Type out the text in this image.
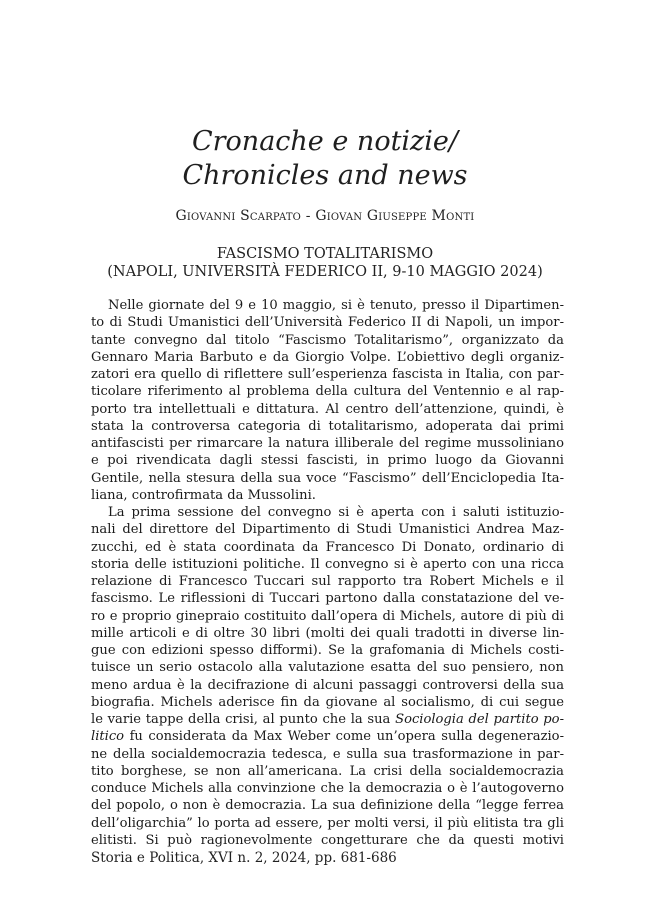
Cronache e notizie/
Chronicles and news
Giovanni Scarpato - Giovan Giuseppe Monti
FASCISMO TOTALITARISMO
(NAPOLI, UNIVERSITÀ FEDERICO II, 9-10 MAGGIO 2024)
Nelle giornate del 9 e 10 maggio, si è tenuto, presso il Dipartimen-
to di Studi Umanistici dell’Università Federico II di Napoli, un impor-
tante convegno dal titolo “Fascismo Totalitarismo”, organizzato da
Gennaro Maria Barbuto e da Giorgio Volpe. L’obiettivo degli organiz-
zatori era quello di riflettere sull’esperienza fascista in Italia, con par-
ticolare riferimento al problema della cultura del Ventennio e al rap-
porto tra intellettuali e dittatura. Al centro dell’attenzione, quindi, è
stata la controversa categoria di totalitarismo, adoperata dai primi
antifascisti per rimarcare la natura illiberale del regime mussoliniano
e poi rivendicata dagli stessi fascisti, in primo luogo da Giovanni
Gentile, nella stesura della sua voce “Fascismo” dell’Enciclopedia Ita-
liana, controfirmata da Mussolini.
La prima sessione del convegno si è aperta con i saluti istituzio-
nali del direttore del Dipartimento di Studi Umanistici Andrea Maz-
zucchi, ed è stata coordinata da Francesco Di Donato, ordinario di
storia delle istituzioni politiche. Il convegno si è aperto con una ricca
relazione di Francesco Tuccari sul rapporto tra Robert Michels e il
fascismo. Le riflessioni di Tuccari partono dalla constatazione del ve-
ro e proprio ginepraio costituito dall’opera di Michels, autore di più di
mille articoli e di oltre 30 libri (molti dei quali tradotti in diverse lin-
gue con edizioni spesso difformi). Se la grafomania di Michels costi-
tuisce un serio ostacolo alla valutazione esatta del suo pensiero, non
meno ardua è la decifrazione di alcuni passaggi controversi della sua
biografia. Michels aderisce fin da giovane al socialismo, di cui segue
le varie tappe della crisi, al punto che la sua Sociologia del partito po-
litico fu considerata da Max Weber come un’opera sulla degenerazio-
ne della socialdemocrazia tedesca, e sulla sua trasformazione in par-
tito borghese, se non all’americana. La crisi della socialdemocrazia
conduce Michels alla convinzione che la democrazia o è l’autogoverno
del popolo, o non è democrazia. La sua definizione della “legge ferrea
dell’oligarchia” lo porta ad essere, per molti versi, il più elitista tra gli
elitisti. Si può ragionevolmente congetturare che da questi motivi
Storia e Politica, XVI n. 2, 2024, pp. 681-686
